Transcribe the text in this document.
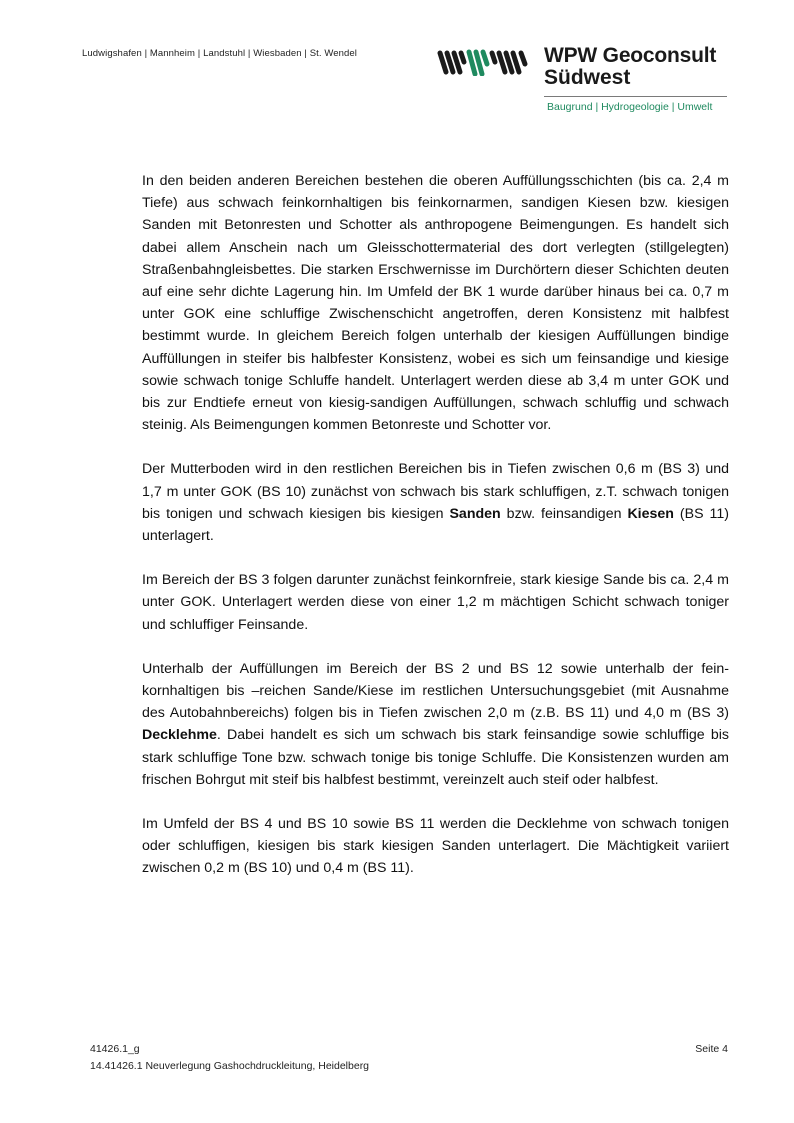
Ludwigshafen | Mannheim | Landstuhl | Wiesbaden | St. Wendel	WPW Geoconsult
Südwest
Baugrund | Hydrogeologie | Umwelt

In den beiden anderen Bereichen bestehen die oberen Auffüllungsschichten (bis ca. 2,4 m Tiefe) aus schwach feinkornhaltigen bis feinkornarmen, sandigen Kiesen bzw. kiesigen Sanden mit Betonresten und Schotter als anthropogene Beimengungen. Es handelt sich dabei allem Anschein nach um Gleisschottermaterial des dort verlegten (stillgelegten) Straßenbahngleisbettes. Die starken Erschwernisse im Durchörtern dieser Schichten deuten auf eine sehr dichte Lagerung hin. Im Umfeld der BK 1 wurde darüber hinaus bei ca. 0,7 m unter GOK eine schluffige Zwischenschicht angetroffen, deren Konsistenz mit halbfest bestimmt wurde. In gleichem Bereich folgen unterhalb der kiesigen Auffüllungen bindige Auffüllungen in steifer bis halbfester Konsistenz, wobei es sich um feinsandige und kiesige sowie schwach tonige Schluffe handelt. Unterlagert werden diese ab 3,4 m unter GOK und bis zur Endtiefe erneut von kiesig-sandigen Auffüllungen, schwach schluffig und schwach steinig. Als Beimengungen kommen Betonreste und Schotter vor.

Der Mutterboden wird in den restlichen Bereichen bis in Tiefen zwischen 0,6 m (BS 3) und 1,7 m unter GOK (BS 10) zunächst von schwach bis stark schluffigen, z.T. schwach tonigen bis tonigen und schwach kiesigen bis kiesigen Sanden bzw. feinsandigen Kiesen (BS 11) unterlagert.

Im Bereich der BS 3 folgen darunter zunächst feinkornfreie, stark kiesige Sande bis ca. 2,4 m unter GOK. Unterlagert werden diese von einer 1,2 m mächtigen Schicht schwach toniger und schluffiger Feinsande.

Unterhalb der Auffüllungen im Bereich der BS 2 und BS 12 sowie unterhalb der feinkornhaltigen bis –reichen Sande/Kiese im restlichen Untersuchungsgebiet (mit Ausnahme des Autobahnbereichs) folgen bis in Tiefen zwischen 2,0 m (z.B. BS 11) und 4,0 m (BS 3) Decklehme. Dabei handelt es sich um schwach bis stark feinsandige sowie schluffige bis stark schluffige Tone bzw. schwach tonige bis tonige Schluffe. Die Konsistenzen wurden am frischen Bohrgut mit steif bis halbfest bestimmt, vereinzelt auch steif oder halbfest.

Im Umfeld der BS 4 und BS 10 sowie BS 11 werden die Decklehme von schwach tonigen oder schluffigen, kiesigen bis stark kiesigen Sanden unterlagert. Die Mächtigkeit variiert zwischen 0,2 m (BS 10) und 0,4 m (BS 11).

41426.1_g	Seite 4
14.41426.1 Neuverlegung Gashochdruckleitung, Heidelberg
